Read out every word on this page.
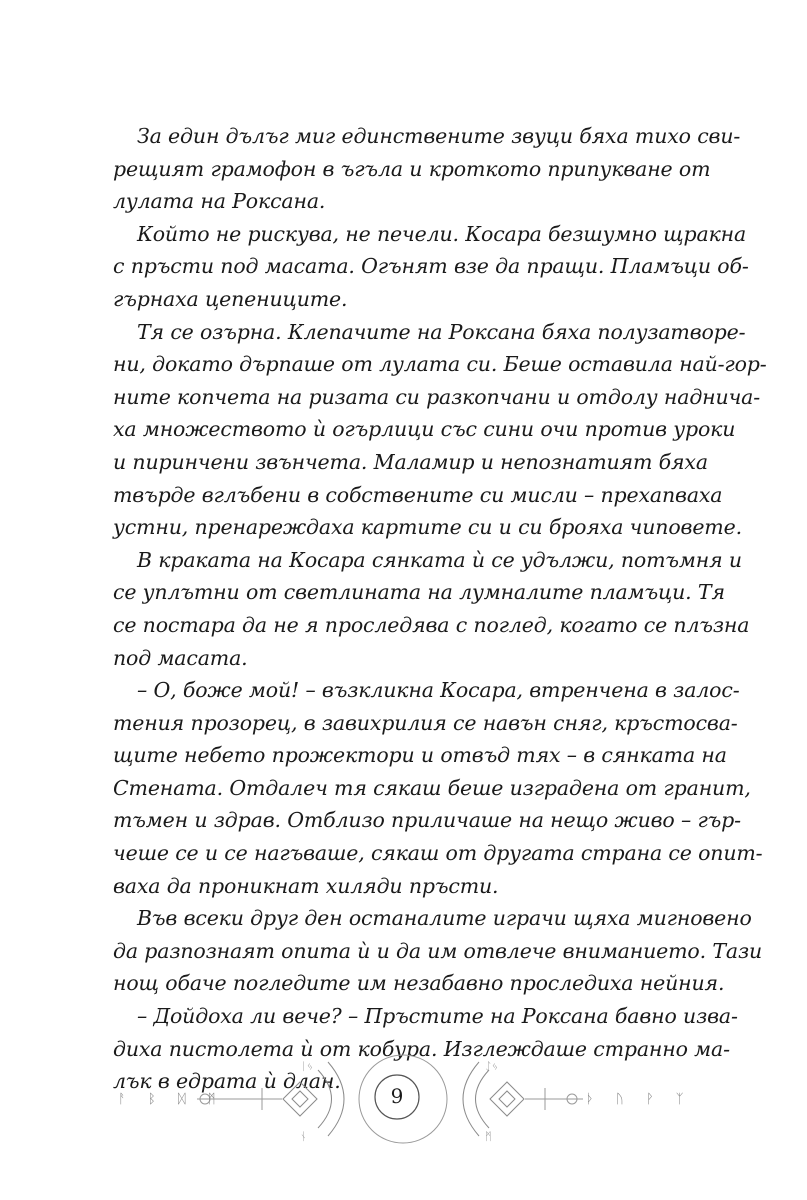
За един дълъг миг единствените звуци бяха тихо сви-
рещият грамофон в ъгъла и кроткото припукване от
лулата на Роксана.
Който не рискува, не печели. Косара безшумно щракна
с пръсти под масата. Огънят взе да пращи. Пламъци об-
гърнаха цепениците.
Тя се озърна. Клепачите на Роксана бяха полузатворе-
ни, докато дърпаше от лулата си. Беше оставила най-гор-
ните копчета на ризата си разкопчани и отдолу надничa-
ха множеството ѝ огърлици със сини очи против уроки
и пиринчени звънчета. Маламир и непознатият бяха
твърде вглъбени в собствените си мисли – прехапваха
устни, пренареждаха картите си и си брояха чиповете.
В краката на Косара сянката ѝ се удължи, потъмня и
се уплътни от светлината на лумналите пламъци. Тя
се постара да не я проследява с поглед, когато се плъзна
под масата.
– О, боже мой! – възкликна Косара, втренчена в залос-
тения прозорец, в завихрилия се навън сняг, кръстосва-
щите небето прожектори и отвъд тях – в сянката на
Стената. Отдалеч тя сякаш беше изградена от гранит,
тъмен и здрав. Отблизо приличаше на нещо живо – гър-
чеше се и се нагъваше, сякаш от другата страна се опит-
ваха да проникнат хиляди пръсти.
Във всеки друг ден останалите играчи щяха мигновено
да разпознаят опита ѝ и да им отвлече вниманието. Тази
нощ обаче погледите им незабавно проследиха нейния.
– Дойдоха ли вече? – Пръстите на Роксана бавно изва-
диха пистолета ѝ от кобура. Изглеждаше странно ма-
лък в едрата ѝ длан.
ᛁᛃ
ᚾ
ᛇᛃ
ᛗ
ᚨ ᛒ ᛞ ᛗ	9	ᚦ ᚢ ᚹ ᛉ
